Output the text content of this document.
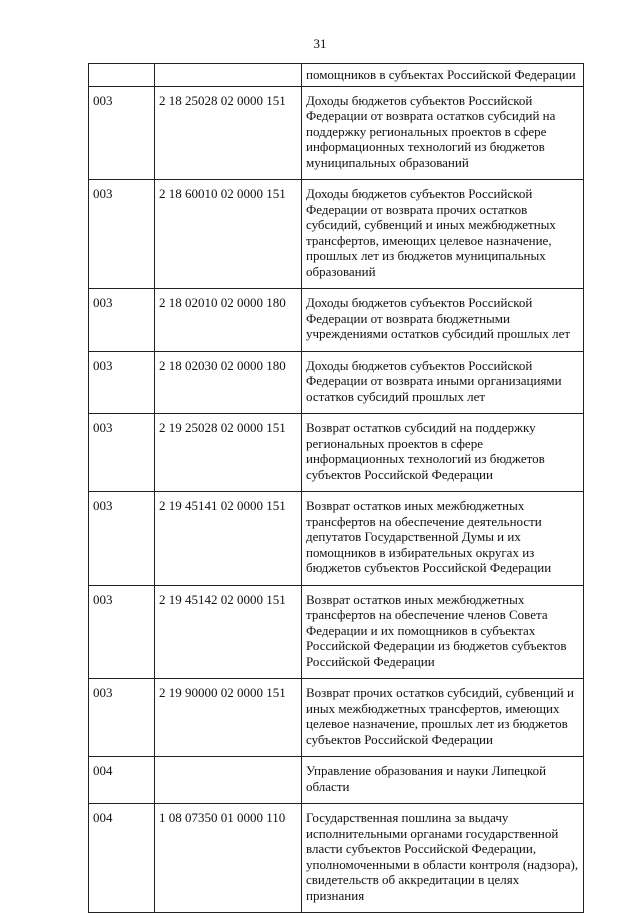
31
		помощников в субъектах Российской Федерации
003	2 18 25028 02 0000 151	Доходы бюджетов субъектов Российской Федерации от возврата остатков субсидий на поддержку региональных проектов в сфере информационных технологий из бюджетов муниципальных образований
003	2 18 60010 02 0000 151	Доходы бюджетов субъектов Российской Федерации от возврата прочих остатков субсидий, субвенций и иных межбюджетных трансфертов, имеющих целевое назначение, прошлых лет из бюджетов муниципальных образований
003	2 18 02010 02 0000 180	Доходы бюджетов субъектов Российской Федерации от возврата бюджетными учреждениями остатков субсидий прошлых лет
003	2 18 02030 02 0000 180	Доходы бюджетов субъектов Российской Федерации от возврата иными организациями остатков субсидий прошлых лет
003	2 19 25028 02 0000 151	Возврат остатков субсидий на поддержку региональных проектов в сфере информационных технологий из бюджетов субъектов Российской Федерации
003	2 19 45141 02 0000 151	Возврат остатков иных межбюджетных трансфертов на обеспечение деятельности депутатов Государственной Думы и их помощников в избирательных округах из бюджетов субъектов Российской Федерации
003	2 19 45142 02 0000 151	Возврат остатков иных межбюджетных трансфертов на обеспечение членов Совета Федерации и их помощников в субъектах Российской Федерации из бюджетов субъектов Российской Федерации
003	2 19 90000 02 0000 151	Возврат прочих остатков субсидий, субвенций и иных межбюджетных трансфертов, имеющих целевое назначение, прошлых лет из бюджетов субъектов Российской Федерации
004		Управление образования и науки Липецкой области
004	1 08 07350 01 0000 110	Государственная пошлина за выдачу исполнительными органами государственной власти субъектов Российской Федерации, уполномоченными в области контроля (надзора), свидетельств об аккредитации в целях признания
